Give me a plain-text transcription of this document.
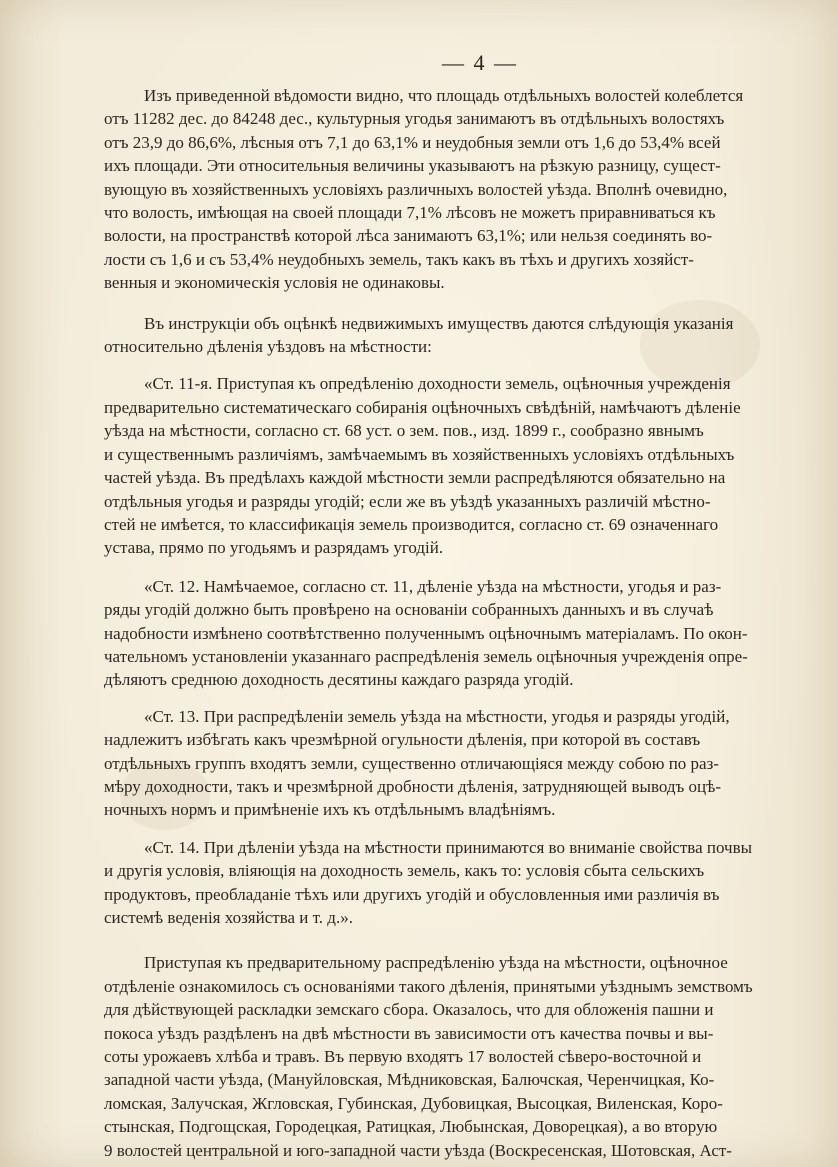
— 4 —
Изъ приведенной вѣдомости видно, что площадь отдѣльныхъ волостей колеблется
отъ 11282 дес. до 84248 дес., культурныя угодья занимаютъ въ отдѣльныхъ волостяхъ
отъ 23,9 до 86,6%, лѣсныя отъ 7,1 до 63,1% и неудобныя земли отъ 1,6 до 53,4% всей
ихъ площади. Эти относительныя величины указываютъ на рѣзкую разницу, сущест-
вующую въ хозяйственныхъ условіяхъ различныхъ волостей уѣзда. Вполнѣ очевидно,
что волость, имѣющая на своей площади 7,1% лѣсовъ не можетъ приравниваться къ
волости, на пространствѣ которой лѣса занимаютъ 63,1%; или нельзя соединять во-
лости съ 1,6 и съ 53,4% неудобныхъ земель, такъ какъ въ тѣхъ и другихъ хозяйст-
венныя и экономическія условія не одинаковы.
Въ инструкціи объ оцѣнкѣ недвижимыхъ имуществъ даются слѣдующія указанія
относительно дѣленія уѣздовъ на мѣстности:
«Ст. 11-я. Приступая къ опредѣленію доходности земель, оцѣночныя учрежденія
предварительно систематическаго собиранія оцѣночныхъ свѣдѣній, намѣчаютъ дѣленіе
уѣзда на мѣстности, согласно ст. 68 уст. о зем. пов., изд. 1899 г., сообразно явнымъ
и существеннымъ различіямъ, замѣчаемымъ въ хозяйственныхъ условіяхъ отдѣльныхъ
частей уѣзда. Въ предѣлахъ каждой мѣстности земли распредѣляются обязательно на
отдѣльныя угодья и разряды угодій; если же въ уѣздѣ указанныхъ различій мѣстно-
стей не имѣется, то классификація земель производится, согласно ст. 69 означеннаго
устава, прямо по угодьямъ и разрядамъ угодій.
«Ст. 12. Намѣчаемое, согласно ст. 11, дѣленіе уѣзда на мѣстности, угодья и раз-
ряды угодій должно быть провѣрено на основаніи собранныхъ данныхъ и въ случаѣ
надобности измѣнено соотвѣтственно полученнымъ оцѣночнымъ матеріаламъ. По окон-
чательномъ установленіи указаннаго распредѣленія земель оцѣночныя учрежденія опре-
дѣляютъ среднюю доходность десятины каждаго разряда угодій.
«Ст. 13. При распредѣленіи земель уѣзда на мѣстности, угодья и разряды угодій,
надлежитъ избѣгать какъ чрезмѣрной огульности дѣленія, при которой въ составъ
отдѣльныхъ группъ входятъ земли, существенно отличающіяся между собою по раз-
мѣру доходности, такъ и чрезмѣрной дробности дѣленія, затрудняющей выводъ оцѣ-
ночныхъ нормъ и примѣненіе ихъ къ отдѣльнымъ владѣніямъ.
«Ст. 14. При дѣленіи уѣзда на мѣстности принимаются во вниманіе свойства почвы
и другія условія, вліяющія на доходность земель, какъ то: условія сбыта сельскихъ
продуктовъ, преобладаніе тѣхъ или другихъ угодій и обусловленныя ими различія въ
системѣ веденія хозяйства и т. д.».
Приступая къ предварительному распредѣленію уѣзда на мѣстности, оцѣночное
отдѣленіе ознакомилось съ основаніями такого дѣленія, принятыми уѣзднымъ земствомъ
для дѣйствующей раскладки земскаго сбора. Оказалось, что для обложенія пашни и
покоса уѣздъ раздѣленъ на двѣ мѣстности въ зависимости отъ качества почвы и вы-
соты урожаевъ хлѣба и травъ. Въ первую входятъ 17 волостей сѣверо-восточной и
западной части уѣзда, (Мануйловская, Мѣдниковская, Балючская, Черенчицкая, Ко-
ломская, Залучская, Жгловская, Губинская, Дубовицкая, Высоцкая, Виленская, Коро-
стынская, Подгощская, Городецкая, Ратицкая, Любынская, Доворецкая), а во вторую
9 волостей центральной и юго-западной части уѣзда (Воскресенская, Шотовская, Аст-
